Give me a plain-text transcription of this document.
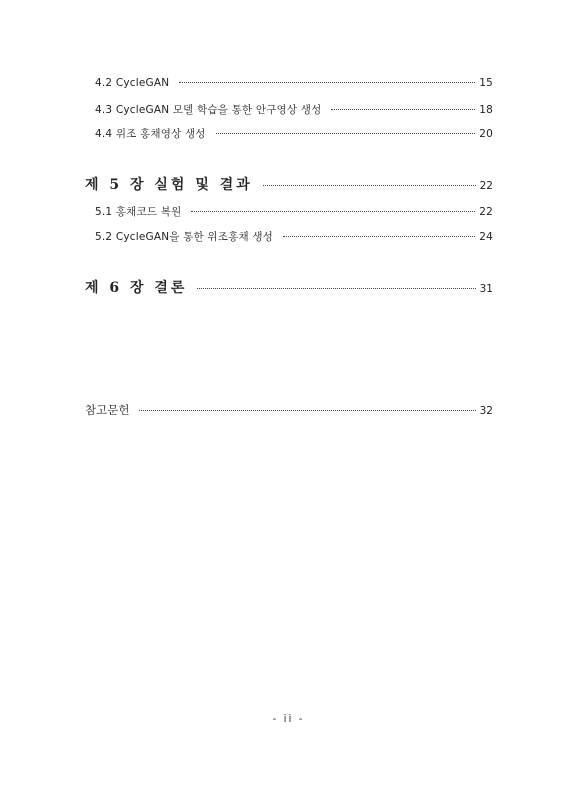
4.2 CycleGAN	15
4.3 CycleGAN 모델 학습을 통한 안구영상 생성	18
4.4 위조 홍채영상 생성	20
제 5 장 실험 및 결과	22
5.1 홍채코드 복원	22
5.2 CycleGAN을 통한 위조홍채 생성	24
제 6 장 결론	31
참고문헌	32
- ii -
